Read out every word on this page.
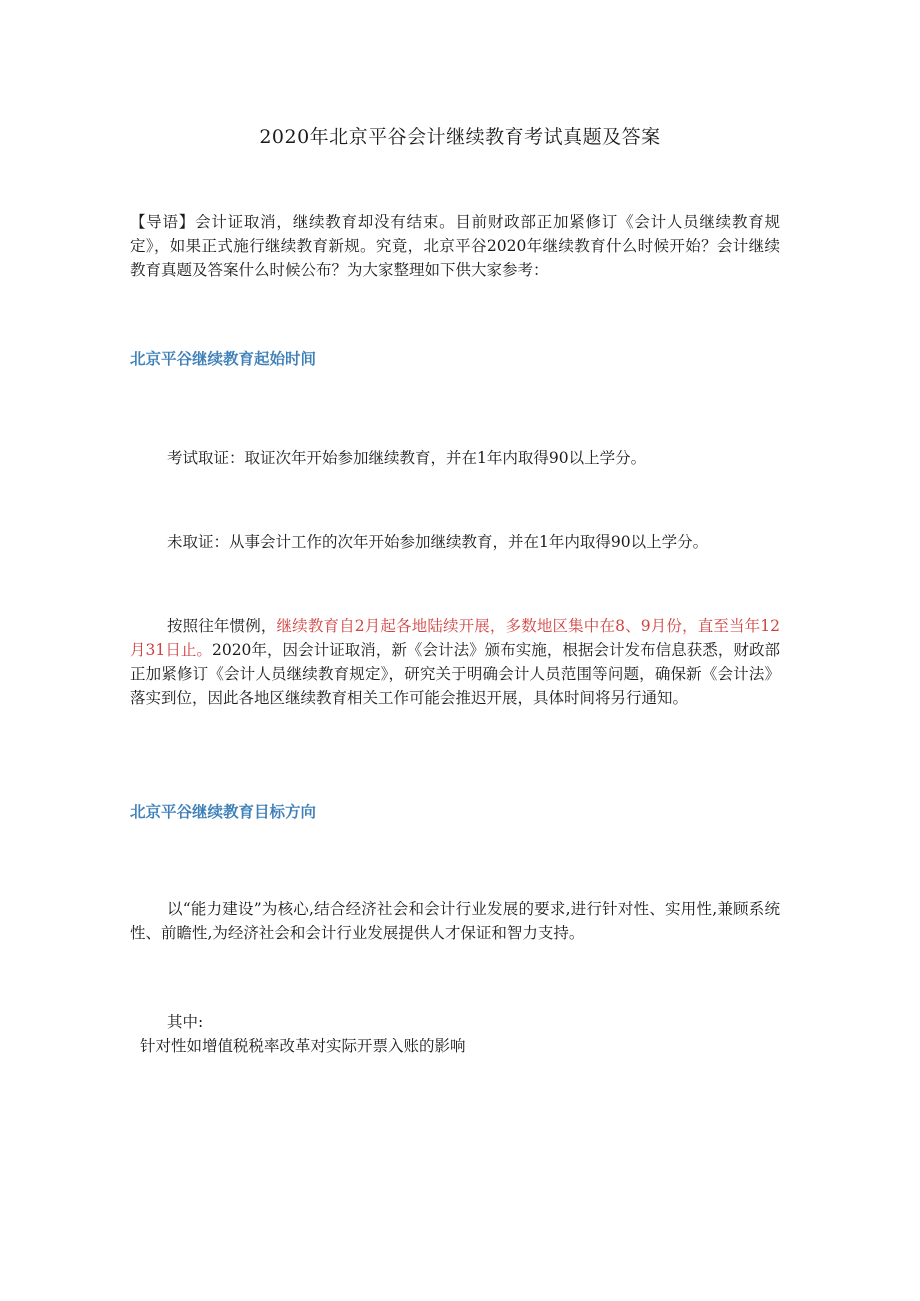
2020年北京平谷会计继续教育考试真题及答案

【导语】会计证取消，继续教育却没有结束。目前财政部正加紧修订《会计人员继续教育规定》，如果正式施行继续教育新规。究竟，北京平谷2020年继续教育什么时候开始？会计继续教育真题及答案什么时候公布？为大家整理如下供大家参考：

北京平谷继续教育起始时间

考试取证：取证次年开始参加继续教育，并在1年内取得90以上学分。

未取证：从事会计工作的次年开始参加继续教育，并在1年内取得90以上学分。

按照往年惯例，继续教育自2月起各地陆续开展，多数地区集中在8、9月份，直至当年12月31日止。2020年，因会计证取消，新《会计法》颁布实施，根据会计发布信息获悉，财政部正加紧修订《会计人员继续教育规定》，研究关于明确会计人员范围等问题，确保新《会计法》落实到位，因此各地区继续教育相关工作可能会推迟开展，具体时间将另行通知。

北京平谷继续教育目标方向

以“能力建设”为核心,结合经济社会和会计行业发展的要求,进行针对性、实用性,兼顾系统性、前瞻性,为经济社会和会计行业发展提供人才保证和智力支持。

其中:

针对性如增值税税率改革对实际开票入账的影响
